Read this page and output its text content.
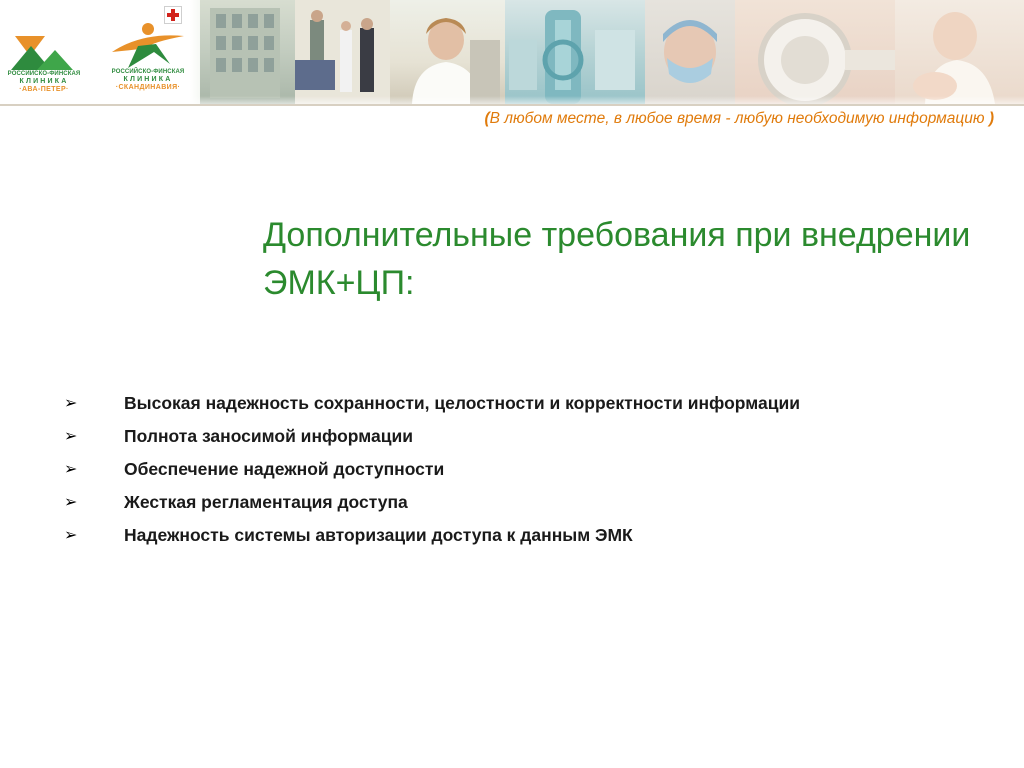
РОССИЙСКО-ФИНСКАЯ
КЛИНИКА
·АВА-ПЕТЕР·
РОССИЙСКО-ФИНСКАЯ
КЛИНИКА
·СКАНДИНАВИЯ·
(В любом месте, в любое время - любую необходимую информацию )
Дополнительные требования при внедрении ЭМК+ЦП:
➢	Высокая надежность сохранности, целостности и корректности информации
➢	Полнота заносимой информации
➢	Обеспечение надежной доступности
➢	Жесткая регламентация доступа
➢	Надежность системы авторизации доступа к данным ЭМК
